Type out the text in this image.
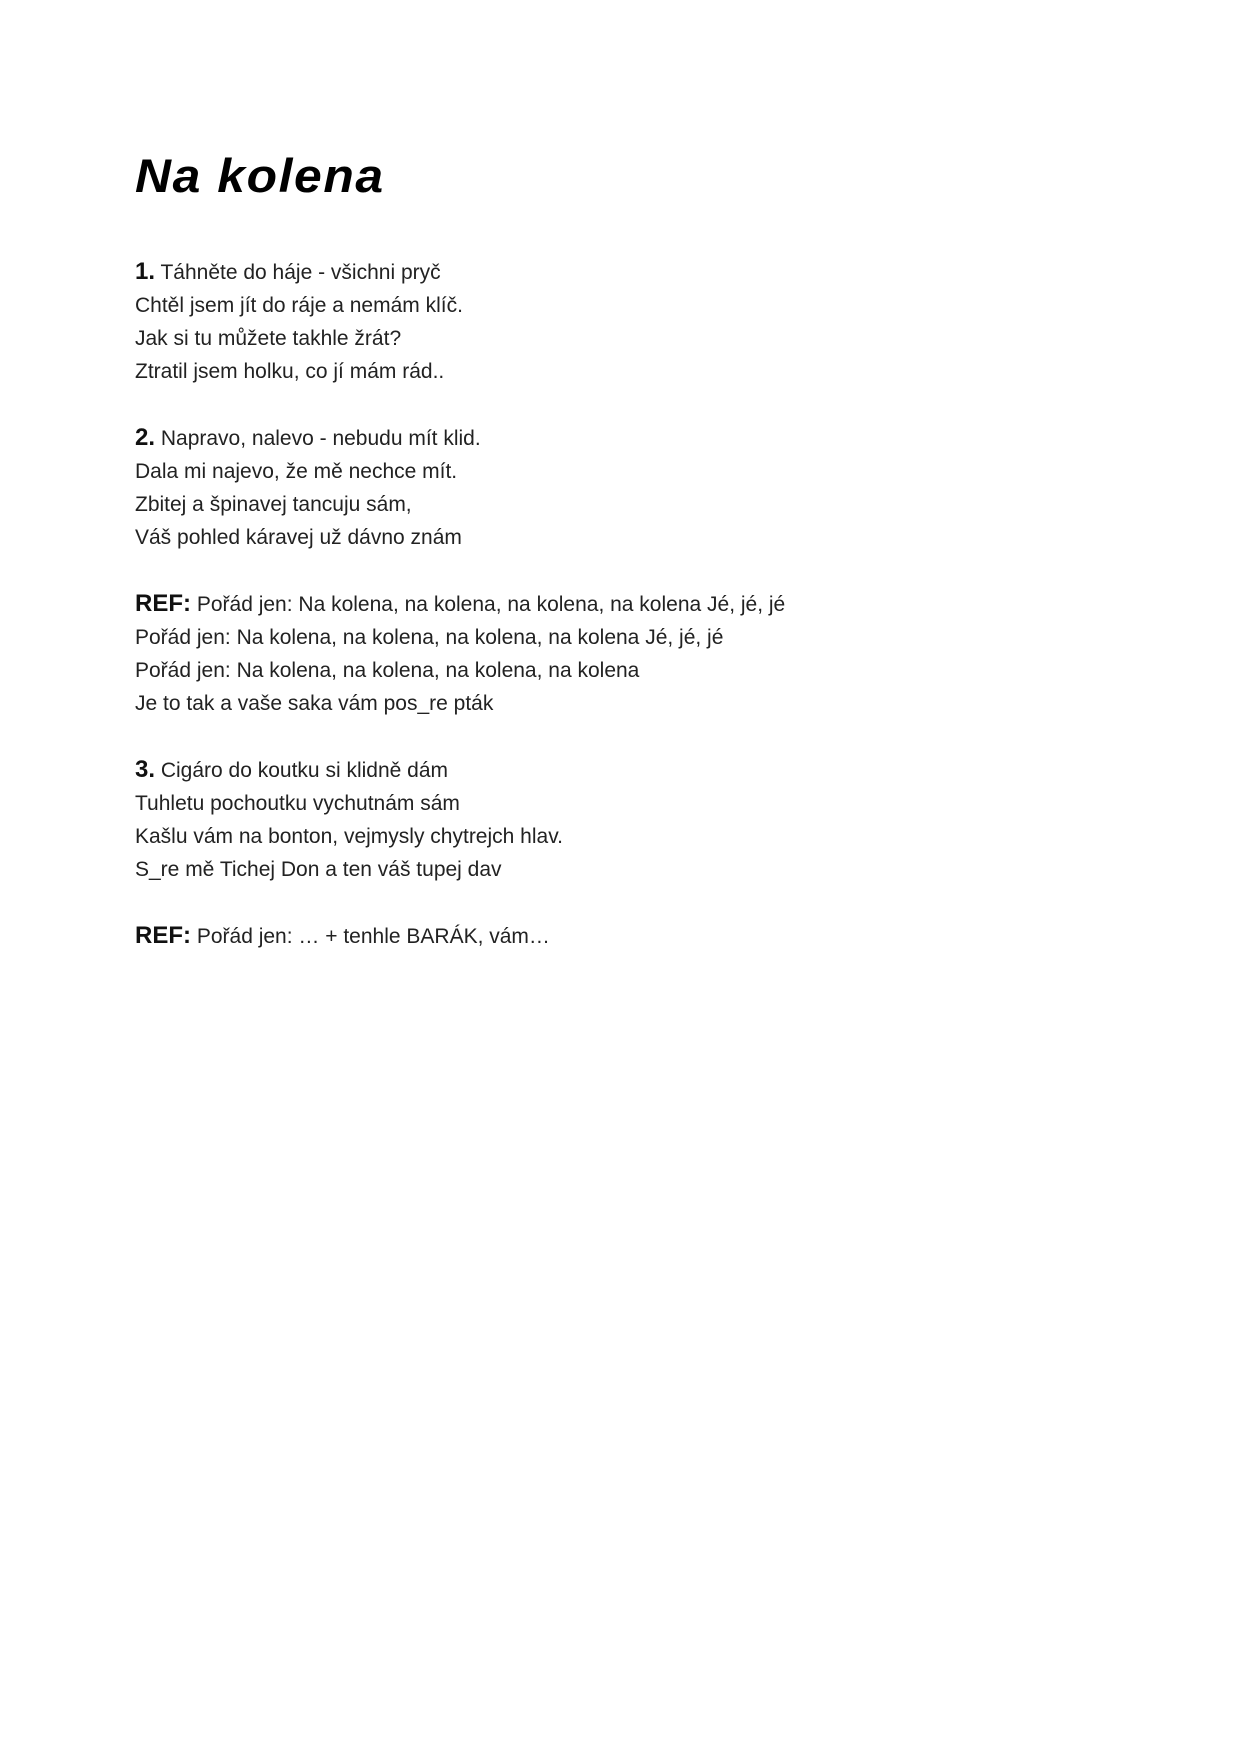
Na kolena

1. Táhněte do háje - všichni pryč

Chtěl jsem jít do ráje a nemám klíč.

Jak si tu můžete takhle žrát?

Ztratil jsem holku, co jí mám rád..

2. Napravo, nalevo - nebudu mít klid.

Dala mi najevo, že mě nechce mít.

Zbitej a špinavej tancuju sám,

Váš pohled káravej už dávno znám

REF: Pořád jen: Na kolena, na kolena, na kolena, na kolena Jé, jé, jé

Pořád jen: Na kolena, na kolena, na kolena, na kolena Jé, jé, jé

Pořád jen: Na kolena, na kolena, na kolena, na kolena

Je to tak a vaše saka vám pos_re pták

3. Cigáro do koutku si klidně dám

Tuhletu pochoutku vychutnám sám

Kašlu vám na bonton, vejmysly chytrejch hlav.

S_re mě Tichej Don a ten váš tupej dav

REF: Pořád jen: … + tenhle BARÁK, vám…
